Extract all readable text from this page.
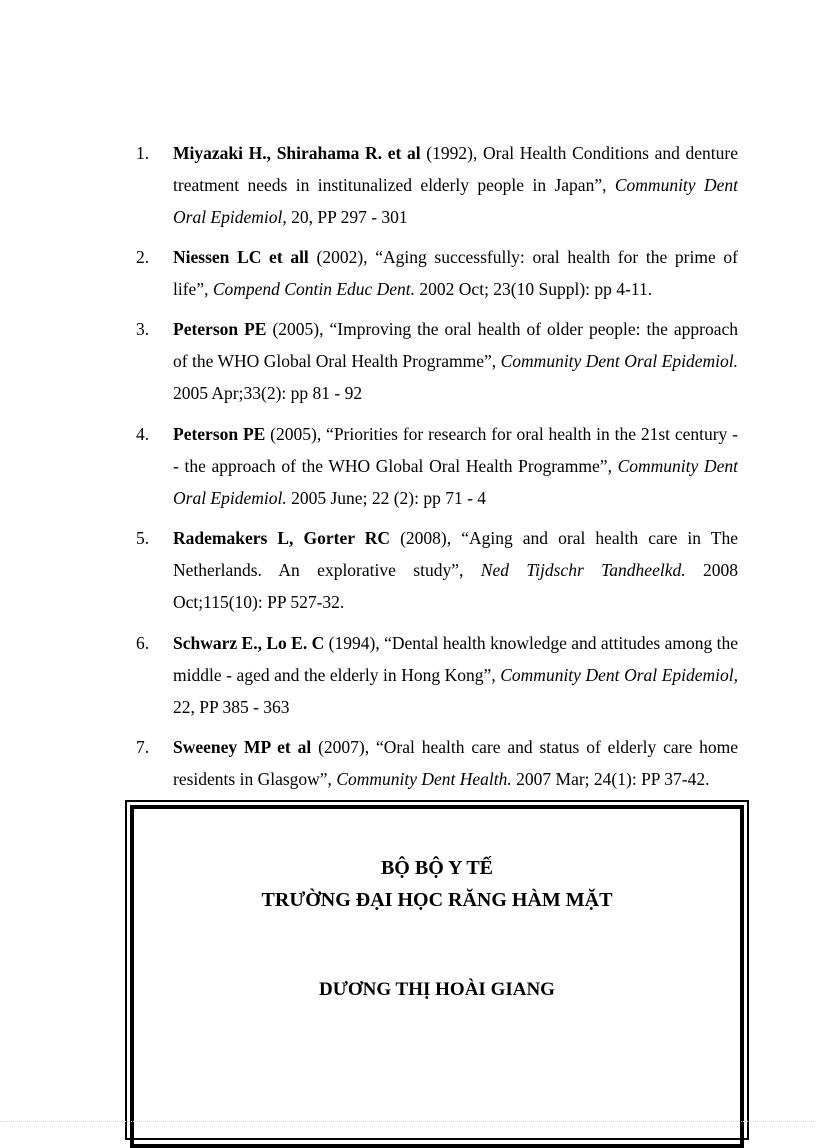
1. Miyazaki H., Shirahama R. et al (1992), Oral Health Conditions and denture treatment needs in institunalized elderly people in Japan”, Community Dent Oral Epidemiol, 20, PP 297 - 301
2. Niessen LC et all (2002), “Aging successfully: oral health for the prime of life”, Compend Contin Educ Dent. 2002 Oct; 23(10 Suppl): pp 4-11.
3. Peterson PE (2005), “Improving the oral health of older people: the approach of the WHO Global Oral Health Programme”, Community Dent Oral Epidemiol. 2005 Apr;33(2): pp 81 - 92
4. Peterson PE (2005), “Priorities for research for oral health in the 21st century - - the approach of the WHO Global Oral Health Programme”, Community Dent Oral Epidemiol. 2005 June; 22 (2): pp 71 - 4
5. Rademakers L, Gorter RC (2008), “Aging and oral health care in The Netherlands. An explorative study”, Ned Tijdschr Tandheelkd. 2008 Oct;115(10): PP 527-32.
6. Schwarz E., Lo E. C (1994), “Dental health knowledge and attitudes among the middle - aged and the elderly in Hong Kong”, Community Dent Oral Epidemiol, 22, PP 385 - 363
7. Sweeney MP et al (2007), “Oral health care and status of elderly care home residents in Glasgow”, Community Dent Health. 2007 Mar; 24(1): PP 37-42.
BỘ BỘ Y TẾ
TRƯỜNG ĐẠI HỌC RĂNG HÀM MẶT
DƯƠNG THỊ HOÀI GIANG
